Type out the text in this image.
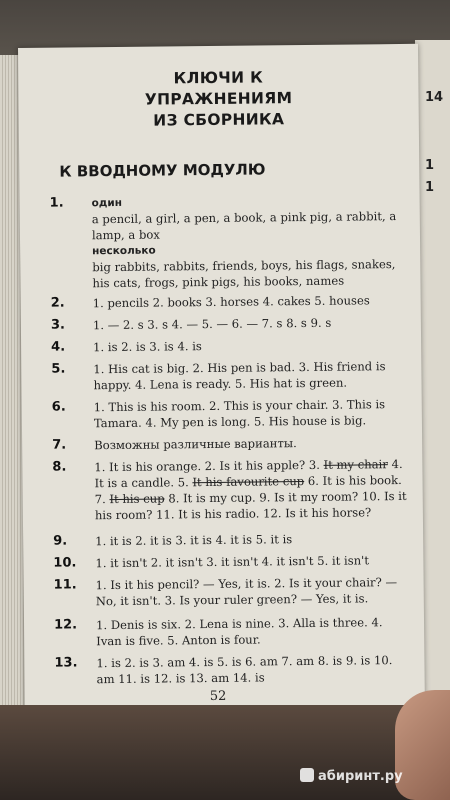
14
1
1
КЛЮЧИ К УПРАЖНЕНИЯМ
ИЗ СБОРНИКА
К ВВОДНОМУ МОДУЛЮ
1.	один
a pencil, a girl, a pen, a book, a pink pig, a rabbit, a lamp, a box
несколько
big rabbits, rabbits, friends, boys, his flags, snakes, his cats, frogs, pink pigs, his books, names
2.	1. pencils 2. books 3. horses 4. cakes 5. houses
3.	1. — 2. s 3. s 4. — 5. — 6. — 7. s 8. s 9. s
4.	1. is 2. is 3. is 4. is
5.	1. His cat is big. 2. His pen is bad. 3. His friend is happy. 4. Lena is ready. 5. His hat is green.
6.	1. This is his room. 2. This is your chair. 3. This is Tamara. 4. My pen is long. 5. His house is big.
7.	Возможны различные варианты.
8.	1. It is his orange. 2. Is it his apple? 3. It my chair 4. It is a candle. 5. It his favourite cup 6. It is his book. 7. It his cup 8. It is my cup. 9. Is it my room? 10. Is it his room? 11. It is his radio. 12. Is it his horse?
9.	1. it is 2. it is 3. it is 4. it is 5. it is
10.	1. it isn't 2. it isn't 3. it isn't 4. it isn't 5. it isn't
11.	1. Is it his pencil? — Yes, it is. 2. Is it your chair? — No, it isn't. 3. Is your ruler green? — Yes, it is.
12.	1. Denis is six. 2. Lena is nine. 3. Alla is three. 4. Ivan is five. 5. Anton is four.
13.	1. is 2. is 3. am 4. is 5. is 6. am 7. am 8. is 9. is 10. am 11. is 12. is 13. am 14. is
52
абиринт.ру
